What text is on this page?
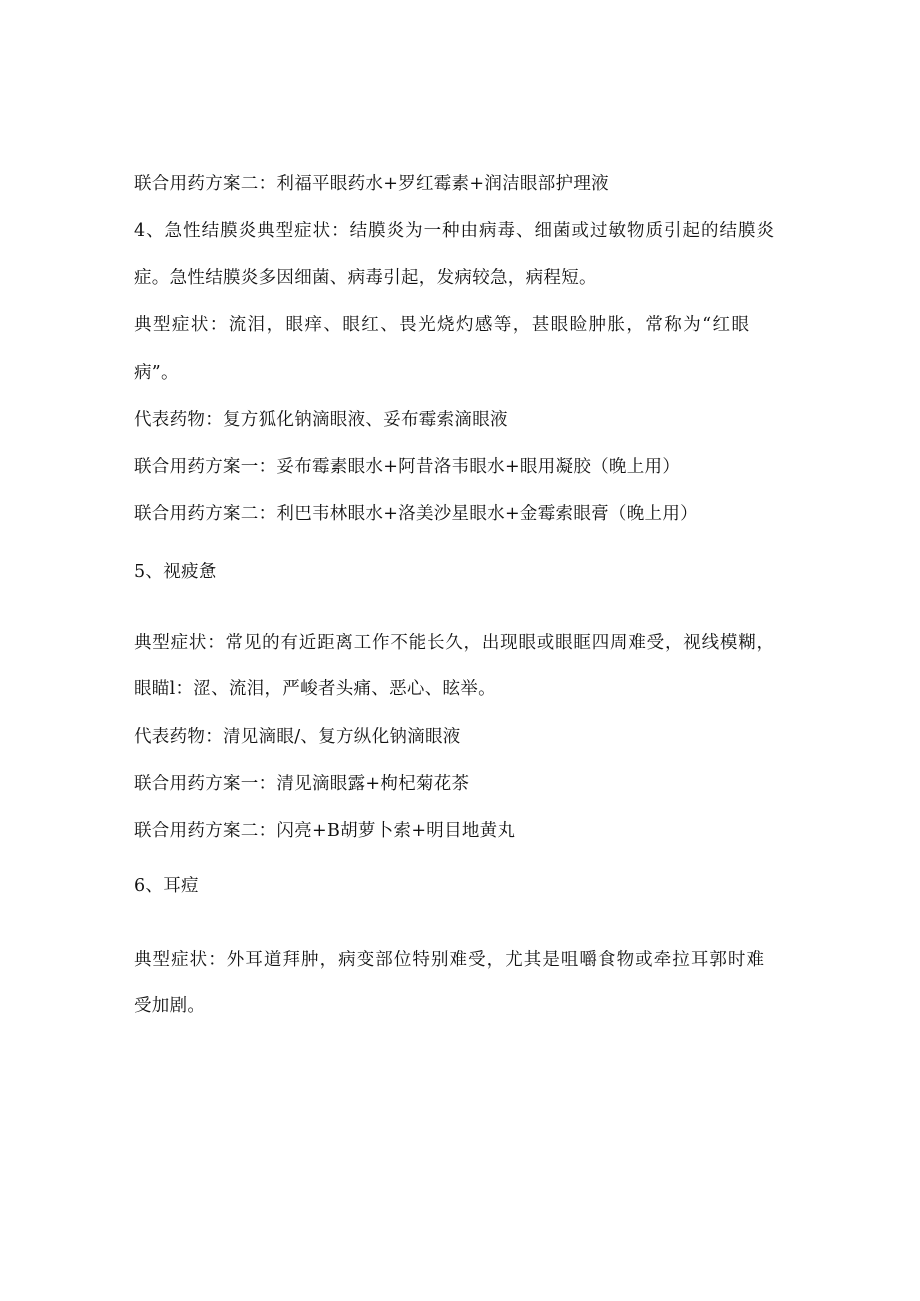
联合用药方案二：利福平眼药水+罗红霉素+润洁眼部护理液
4、急性结膜炎典型症状：结膜炎为一种由病毒、细菌或过敏物质引起的结膜炎
症。急性结膜炎多因细菌、病毒引起，发病较急，病程短。
典型症状：流泪，眼痒、眼红、畏光烧灼感等，甚眼睑肿胀，常称为“红眼
病”。
代表药物：复方狐化钠滴眼液、妥布霉索滴眼液
联合用药方案一：妥布霉素眼水+阿昔洛韦眼水+眼用凝胶（晚上用）
联合用药方案二：利巴韦林眼水+洛美沙星眼水+金霉索眼膏（晚上用）
5、视疲惫
典型症状：常见的有近距离工作不能长久，出现眼或眼眶四周难受，视线模糊，
眼瞄l：涩、流泪，严峻者头痛、恶心、眩举。
代表药物：清见滴眼/、复方纵化钠滴眼液
联合用药方案一：清见滴眼露+枸杞菊花茶
联合用药方案二：闪亮+B胡萝卜索+明目地黄丸
6、耳痘
典型症状：外耳道拜肿，病变部位特别难受，尤其是咀嚼食物或牵拉耳郭时难
受加剧。
